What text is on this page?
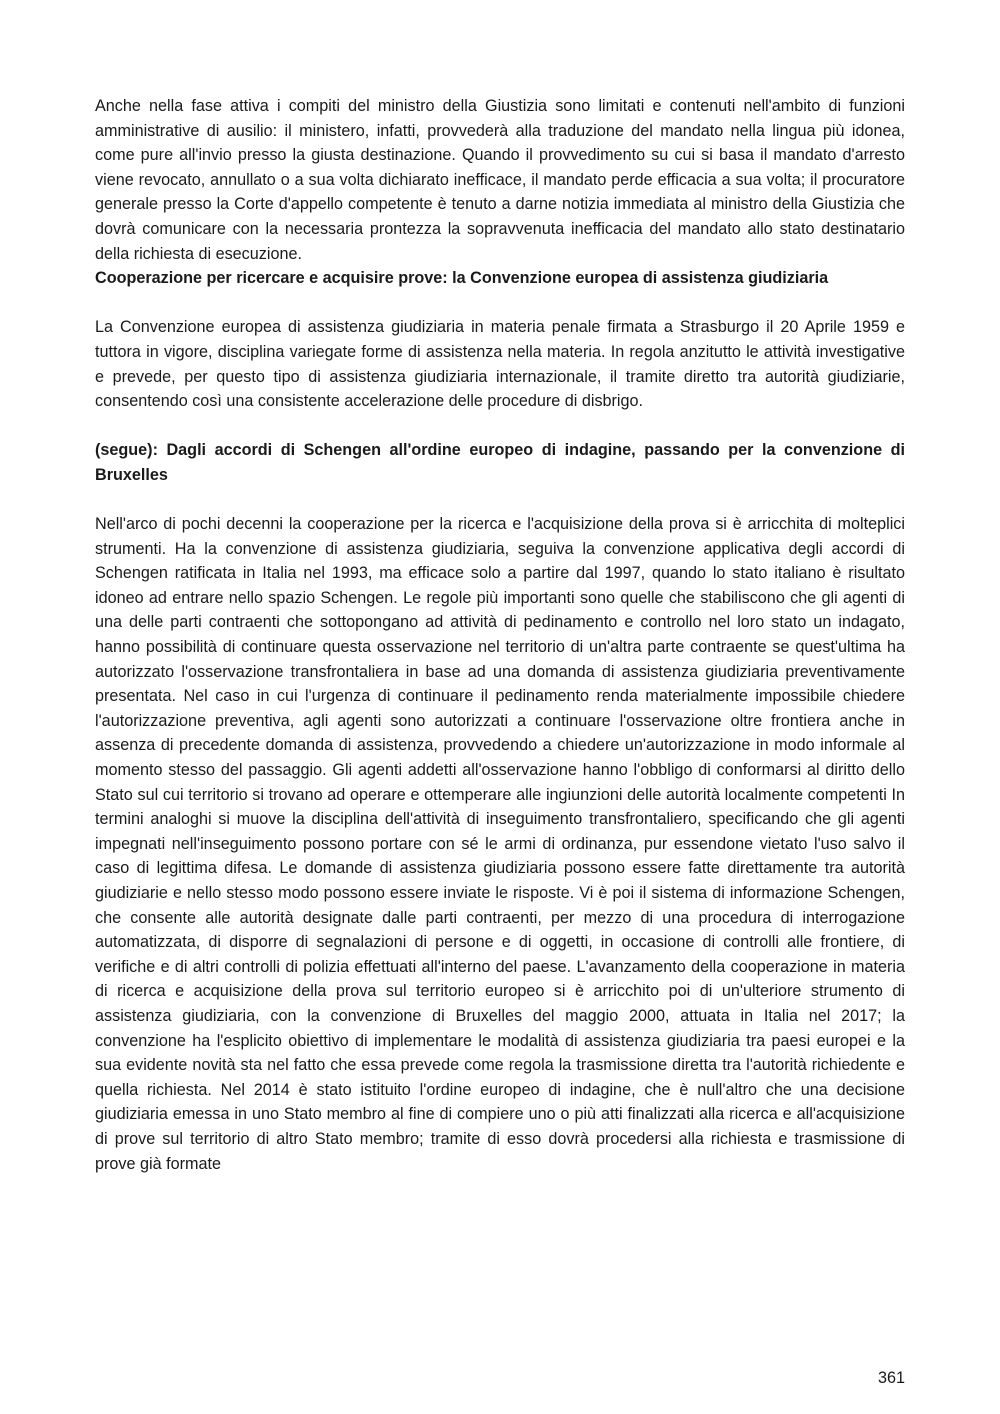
Anche nella fase attiva i compiti del ministro della Giustizia sono limitati e contenuti nell'ambito di funzioni amministrative di ausilio: il ministero, infatti, provvederà alla traduzione del mandato nella lingua più idonea, come pure all'invio presso la giusta destinazione. Quando il provvedimento su cui si basa il mandato d'arresto viene revocato, annullato o a sua volta dichiarato inefficace, il mandato perde efficacia a sua volta; il procuratore generale presso la Corte d'appello competente è tenuto a darne notizia immediata al ministro della Giustizia che dovrà comunicare con la necessaria prontezza la sopravvenuta inefficacia del mandato allo stato destinatario della richiesta di esecuzione.

Cooperazione per ricercare e acquisire prove: la Convenzione europea di assistenza giudiziaria

La Convenzione europea di assistenza giudiziaria in materia penale firmata a Strasburgo il 20 Aprile 1959 e tuttora in vigore, disciplina variegate forme di assistenza nella materia. In regola anzitutto le attività investigative e prevede, per questo tipo di assistenza giudiziaria internazionale, il tramite diretto tra autorità giudiziarie, consentendo così una consistente accelerazione delle procedure di disbrigo.

(segue): Dagli accordi di Schengen all'ordine europeo di indagine, passando per la convenzione di Bruxelles

Nell'arco di pochi decenni la cooperazione per la ricerca e l'acquisizione della prova si è arricchita di molteplici strumenti. Ha la convenzione di assistenza giudiziaria, seguiva la convenzione applicativa degli accordi di Schengen ratificata in Italia nel 1993, ma efficace solo a partire dal 1997, quando lo stato italiano è risultato idoneo ad entrare nello spazio Schengen. Le regole più importanti sono quelle che stabiliscono che gli agenti di una delle parti contraenti che sottopongano ad attività di pedinamento e controllo nel loro stato un indagato, hanno possibilità di continuare questa osservazione nel territorio di un'altra parte contraente se quest'ultima ha autorizzato l'osservazione transfrontaliera in base ad una domanda di assistenza giudiziaria preventivamente presentata. Nel caso in cui l'urgenza di continuare il pedinamento renda materialmente impossibile chiedere l'autorizzazione preventiva, agli agenti sono autorizzati a continuare l'osservazione oltre frontiera anche in assenza di precedente domanda di assistenza, provvedendo a chiedere un'autorizzazione in modo informale al momento stesso del passaggio. Gli agenti addetti all'osservazione hanno l'obbligo di conformarsi al diritto dello Stato sul cui territorio si trovano ad operare e ottemperare alle ingiunzioni delle autorità localmente competenti In termini analoghi si muove la disciplina dell'attività di inseguimento transfrontaliero, specificando che gli agenti impegnati nell'inseguimento possono portare con sé le armi di ordinanza, pur essendone vietato l'uso salvo il caso di legittima difesa. Le domande di assistenza giudiziaria possono essere fatte direttamente tra autorità giudiziarie e nello stesso modo possono essere inviate le risposte. Vi è poi il sistema di informazione Schengen, che consente alle autorità designate dalle parti contraenti, per mezzo di una procedura di interrogazione automatizzata, di disporre di segnalazioni di persone e di oggetti, in occasione di controlli alle frontiere, di verifiche e di altri controlli di polizia effettuati all'interno del paese. L'avanzamento della cooperazione in materia di ricerca e acquisizione della prova sul territorio europeo si è arricchito poi di un'ulteriore strumento di assistenza giudiziaria, con la convenzione di Bruxelles del maggio 2000, attuata in Italia nel 2017; la convenzione ha l'esplicito obiettivo di implementare le modalità di assistenza giudiziaria tra paesi europei e la sua evidente novità sta nel fatto che essa prevede come regola la trasmissione diretta tra l'autorità richiedente e quella richiesta. Nel 2014 è stato istituito l'ordine europeo di indagine, che è null'altro che una decisione giudiziaria emessa in uno Stato membro al fine di compiere uno o più atti finalizzati alla ricerca e all'acquisizione di prove sul territorio di altro Stato membro; tramite di esso dovrà procedersi alla richiesta e trasmissione di prove già formate

361
